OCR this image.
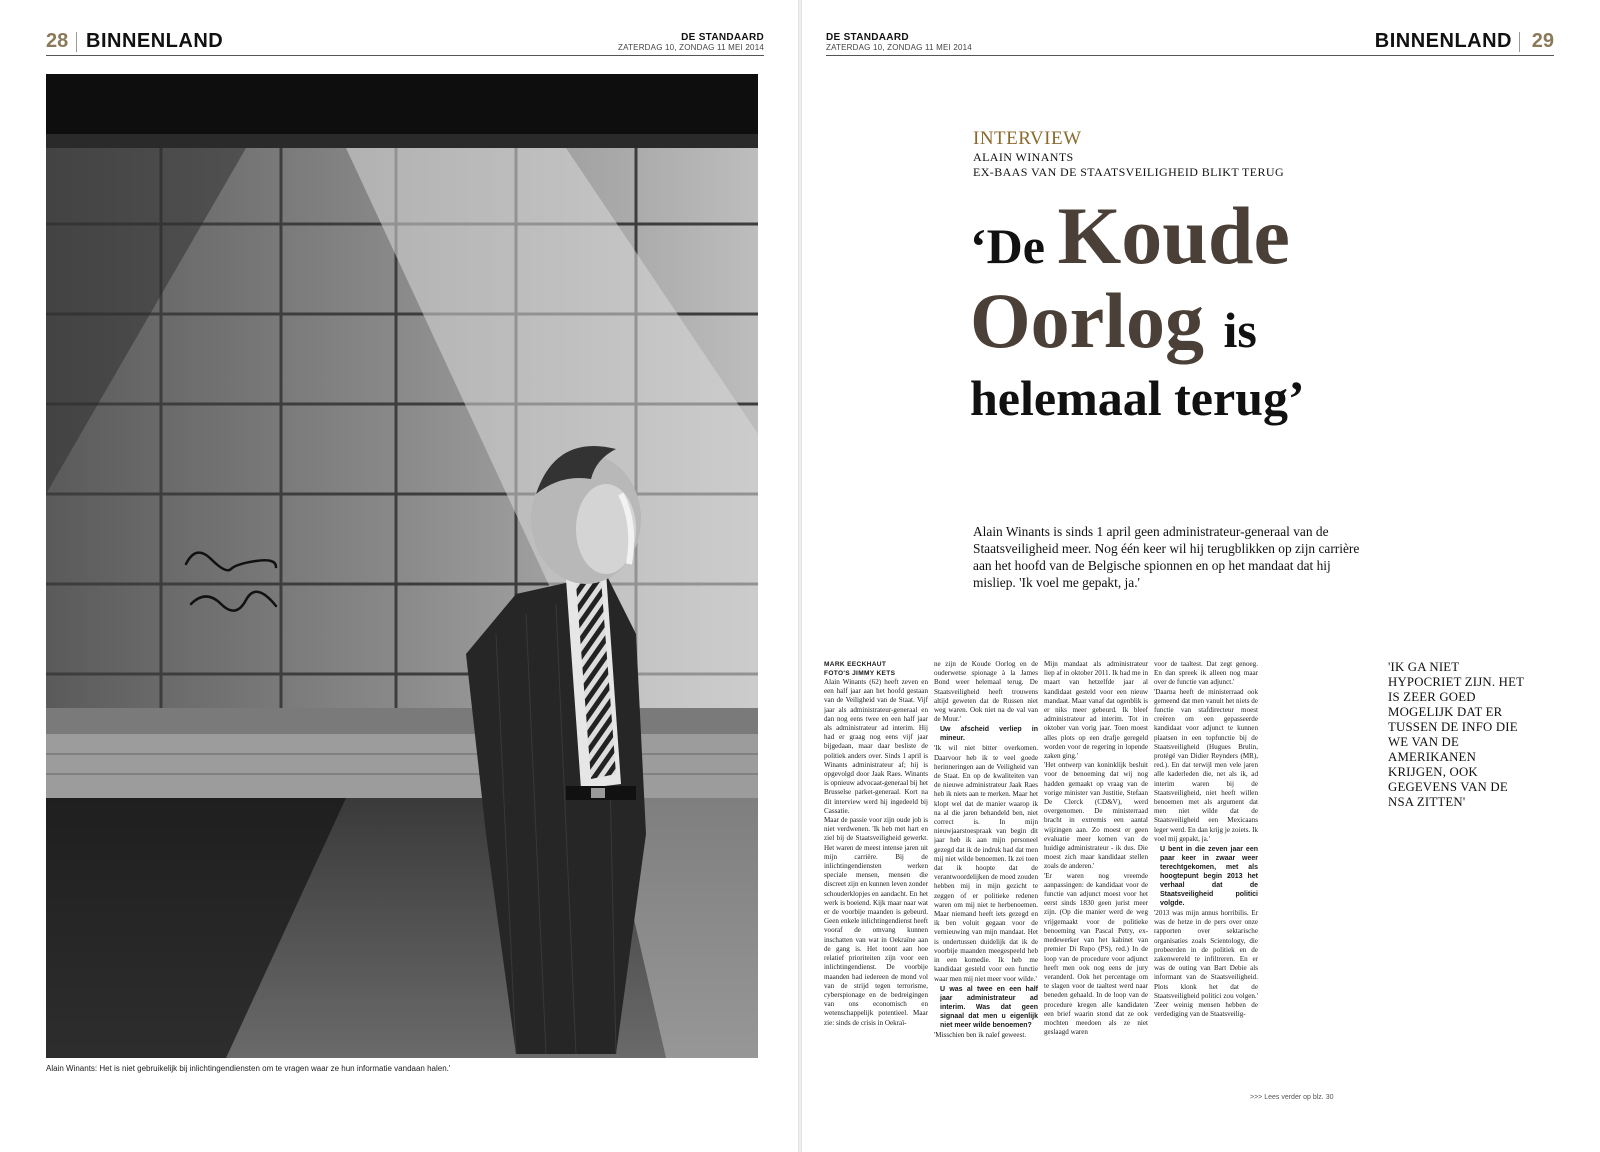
28 BINNENLAND	DE STANDAARD
ZATERDAG 10, ZONDAG 11 MEI 2014
Alain Winants: Het is niet gebruikelijk bij inlichtingendiensten om te vragen waar ze hun informatie vandaan halen.'
DE STANDAARD
ZATERDAG 10, ZONDAG 11 MEI 2014	BINNENLAND 29
INTERVIEW
ALAIN WINANTS
EX-BAAS VAN DE STAATSVEILIGHEID BLIKT TERUG
‘De Koude
Oorlog is
helemaal terug’

Alain Winants is sinds 1 april geen administrateur-generaal van de Staatsveiligheid meer. Nog één keer wil hij terugblikken op zijn carrière aan het hoofd van de Belgische spionnen en op het mandaat dat hij misliep. 'Ik voel me gepakt, ja.'

MARK EECKHAUT
FOTO'S JIMMY KETS

Alain Winants (62) heeft zeven en een half jaar aan het hoofd gestaan van de Veiligheid van de Staat. Vijf jaar als administrateur-generaal en dan nog eens twee en een half jaar als administrateur ad interim. Hij had er graag nog eens vijf jaar bijgedaan, maar daar besliste de politiek anders over. Sinds 1 april is Winants administrateur af; hij is opgevolgd door Jaak Raes. Winants is opnieuw advocaat-generaal bij het Brusselse parket-generaal. Kort na dit interview werd hij ingedeeld bij Cassatie.

Maar de passie voor zijn oude job is niet verdwenen. 'Ik heb met hart en ziel bij de Staatsveiligheid gewerkt. Het waren de meest intense jaren uit mijn carrière. Bij de inlichtingendiensten werken speciale mensen, mensen die discreet zijn en kunnen leven zonder schouderklopjes en aandacht. En het werk is boeiend. Kijk maar naar wat er de voorbije maanden is gebeurd. Geen enkele inlichtingendienst heeft vooraf de omvang kunnen inschatten van wat in Oekraïne aan de gang is. Het toont aan hoe relatief prioriteiten zijn voor een inlichtingendienst. De voorbije maanden had iedereen de mond vol van de strijd tegen terrorisme, cyberspionage en de bedreigingen van ons economisch en wetenschappelijk potentieel. Maar zie: sinds de crisis in Oekraï-

ne zijn de Koude Oorlog en de ouderwetse spionage à la James Bond weer helemaal terug. De Staatsveiligheid heeft trouwens altijd geweten dat de Russen niet weg waren. Ook niet na de val van de Muur.'

Uw afscheid verliep in mineur.

'Ik wil niet bitter overkomen. Daarvoor heb ik te veel goede herinneringen aan de Veiligheid van de Staat. En op de kwaliteiten van de nieuwe administrateur Jaak Raes heb ik niets aan te merken. Maar het klopt wel dat de manier waarop ik na al die jaren behandeld ben, niet correct is. In mijn nieuwjaarstoespraak van begin dit jaar heb ik aan mijn personeel gezegd dat ik de indruk had dat men mij niet wilde benoemen. Ik zei toen dat ik hoopte dat de verantwoordelijken de moed zouden hebben mij in mijn gezicht te zeggen of er politieke redenen waren om mij niet te herbenoemen. Maar niemand heeft iets gezegd en ik ben voluit gegaan voor de vernieuwing van mijn mandaat. Het is ondertussen duidelijk dat ik de voorbije maanden meegespeeld heb in een komedie. Ik heb me kandidaat gesteld voor een functie waar men mij niet meer voor wilde.'

U was al twee en een half jaar administrateur ad interim. Was dat geen signaal dat men u eigenlijk niet meer wilde benoemen?

'Misschien ben ik naïef geweest.

Mijn mandaat als administrateur liep af in oktober 2011. Ik had me in maart van hetzelfde jaar al kandidaat gesteld voor een nieuw mandaat. Maar vanaf dat ogenblik is er niks meer gebeurd. Ik bleef administrateur ad interim. Tot in oktober van vorig jaar. Toen moest alles plots op een drafje geregeld worden voor de regering in lopende zaken ging.'

'Het ontwerp van koninklijk besluit voor de benoeming dat wij nog hadden gemaakt op vraag van de vorige minister van Justitie, Stefaan De Clerck (CD&V), werd overgenomen. De ministerraad bracht in extremis een aantal wijzingen aan. Zo moest er geen evaluatie meer komen van de huidige administrateur - ik dus. Die moest zich maar kandidaat stellen zoals de anderen.'

'Er waren nog vreemde aanpassingen: de kandidaat voor de functie van adjunct moest voor het eerst sinds 1830 geen jurist meer zijn. (Op die manier werd de weg vrijgemaakt voor de politieke benoeming van Pascal Petry, ex-medewerker van het kabinet van premier Di Rupo (PS), red.) In de loop van de procedure voor adjunct heeft men ook nog eens de jury veranderd. Ook het percentage om te slagen voor de taaltest werd naar beneden gehaald. In de loop van de procedure kregen alle kandidaten een brief waarin stond dat ze ook mochten meedoen als ze niet geslaagd waren

voor de taaltest. Dat zegt genoeg. En dan spreek ik alleen nog maar over de functie van adjunct.'

'Daarna heeft de ministerraad ook gemeend dat men vanuit het niets de functie van stafdirecteur moest creëren om een gepasseerde kandidaat voor adjunct te kunnen plaatsen in een topfunctie bij de Staatsveiligheid (Hugues Brulin, protégé van Didier Reynders (MR), red.). En dat terwijl men vele jaren alle kaderleden die, net als ik, ad interim waren bij de Staatsveiligheid, niet heeft willen benoemen met als argument dat men niet wilde dat de Staatsveiligheid een Mexicaans leger werd. En dan krijg je zoiets. Ik voel mij gepakt, ja.'

U bent in die zeven jaar een paar keer in zwaar weer terechtgekomen, met als hoogtepunt begin 2013 het verhaal dat de Staatsveiligheid politici volgde.

'2013 was mijn annus horribilis. Er was de hetze in de pers over onze rapporten over sektarische organisaties zoals Scientology, die probeerden in de politiek en de zakenwereld te infiltreren. En er was de outing van Bart Debie als informant van de Staatsveiligheid. Plots klonk het dat de Staatsveiligheid politici zou volgen.' 'Zeer weinig mensen hebben de verdediging van de Staatsveilig-

'IK GA NIET HYPOCRIET ZIJN. HET IS ZEER GOED MOGELIJK DAT ER TUSSEN DE INFO DIE WE VAN DE AMERIKANEN KRIJGEN, OOK GEGEVENS VAN DE NSA ZITTEN'
>>> Lees verder op blz. 30
